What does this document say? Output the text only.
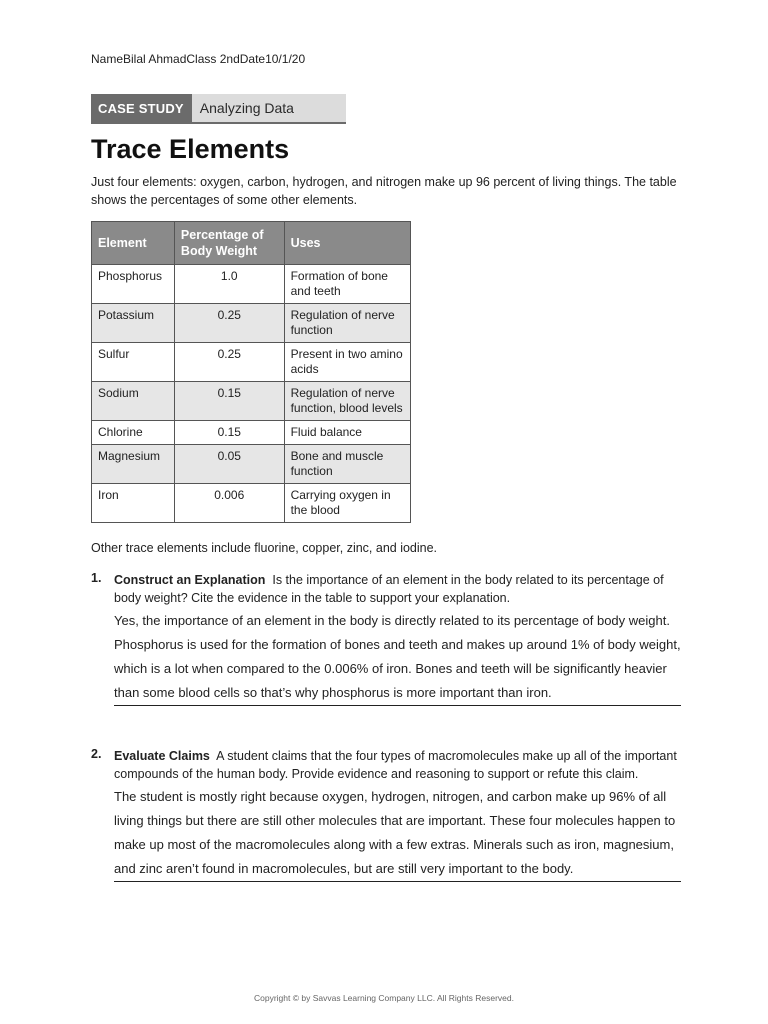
NameBilal AhmadClass 2ndDate10/1/20
CASE STUDY	Analyzing Data
Trace Elements

Just four elements: oxygen, carbon, hydrogen, and nitrogen make up 96 percent of living things. The table shows the percentages of some other elements.

Element	Percentage of Body Weight	Uses
Phosphorus	1.0	Formation of bone and teeth
Potassium	0.25	Regulation of nerve function
Sulfur	0.25	Present in two amino acids
Sodium	0.15	Regulation of nerve function, blood levels
Chlorine	0.15	Fluid balance
Magnesium	0.05	Bone and muscle function
Iron	0.006	Carrying oxygen in the blood

Other trace elements include fluorine, copper, zinc, and iodine.

1. Construct an Explanation Is the importance of an element in the body related to its percentage of body weight? Cite the evidence in the table to support your explanation.
Yes, the importance of an element in the body is directly related to its percentage of body weight. Phosphorus is used for the formation of bones and teeth and makes up around 1% of body weight, which is a lot when compared to the 0.006% of iron. Bones and teeth will be significantly heavier than some blood cells so that’s why phosphorus is more important than iron.
2. Evaluate Claims A student claims that the four types of macromolecules make up all of the important compounds of the human body. Provide evidence and reasoning to support or refute this claim.
The student is mostly right because oxygen, hydrogen, nitrogen, and carbon make up 96% of all living things but there are still other molecules that are important. These four molecules happen to make up most of the macromolecules along with a few extras. Minerals such as iron, magnesium, and zinc aren’t found in macromolecules, but are still very important to the body.
Copyright © by Savvas Learning Company LLC. All Rights Reserved.
